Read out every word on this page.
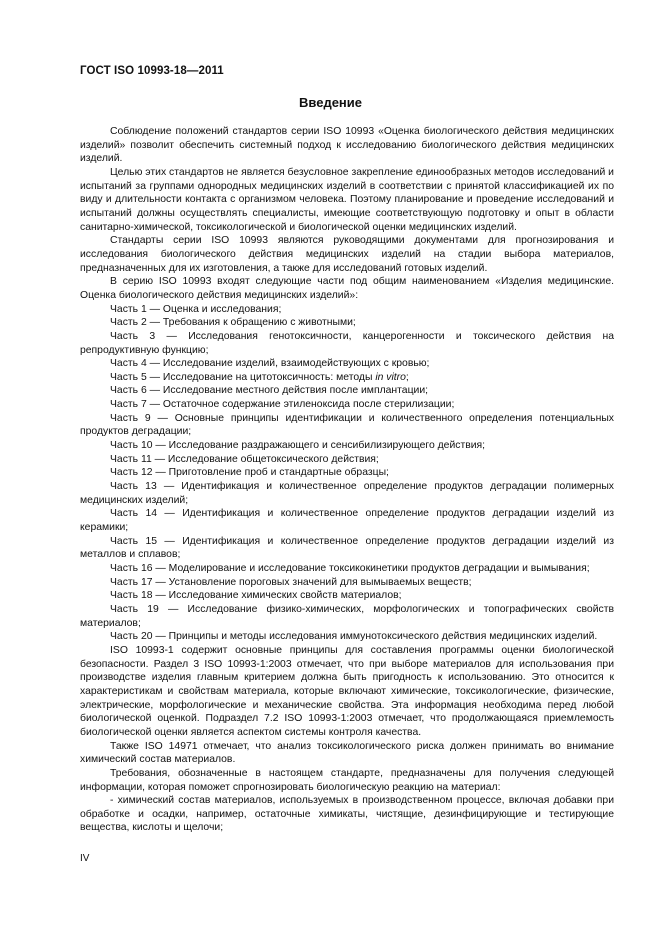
ГОСТ ISO 10993-18—2011
Введение

Соблюдение положений стандартов серии ISO 10993 «Оценка биологического действия медицинских изделий» позволит обеспечить системный подход к исследованию биологического действия медицинских изделий.

Целью этих стандартов не является безусловное закрепление единообразных методов исследований и испытаний за группами однородных медицинских изделий в соответствии с принятой классификацией их по виду и длительности контакта с организмом человека. Поэтому планирование и проведение исследований и испытаний должны осуществлять специалисты, имеющие соответствующую подготовку и опыт в области санитарно-химической, токсикологической и биологической оценки медицинских изделий.

Стандарты серии ISO 10993 являются руководящими документами для прогнозирования и исследования биологического действия медицинских изделий на стадии выбора материалов, предназначенных для их изготовления, а также для исследований готовых изделий.

В серию ISO 10993 входят следующие части под общим наименованием «Изделия медицинские. Оценка биологического действия медицинских изделий»:

Часть 1 — Оценка и исследования;

Часть 2 — Требования к обращению с животными;

Часть 3 — Исследования генотоксичности, канцерогенности и токсического действия на репродуктивную функцию;

Часть 4 — Исследование изделий, взаимодействующих с кровью;

Часть 5 — Исследование на цитотоксичность: методы in vitro;

Часть 6 — Исследование местного действия после имплантации;

Часть 7 — Остаточное содержание этиленоксида после стерилизации;

Часть 9 — Основные принципы идентификации и количественного определения потенциальных продуктов деградации;

Часть 10 — Исследование раздражающего и сенсибилизирующего действия;

Часть 11 — Исследование общетоксического действия;

Часть 12 — Приготовление проб и стандартные образцы;

Часть 13 — Идентификация и количественное определение продуктов деградации полимерных медицинских изделий;

Часть 14 — Идентификация и количественное определение продуктов деградации изделий из керамики;

Часть 15 — Идентификация и количественное определение продуктов деградации изделий из металлов и сплавов;

Часть 16 — Моделирование и исследование токсикокинетики продуктов деградации и вымывания;

Часть 17 — Установление пороговых значений для вымываемых веществ;

Часть 18 — Исследование химических свойств материалов;

Часть 19 — Исследование физико-химических, морфологических и топографических свойств материалов;

Часть 20 — Принципы и методы исследования иммунотоксического действия медицинских изделий.

ISO 10993-1 содержит основные принципы для составления программы оценки биологической безопасности. Раздел 3 ISO 10993-1:2003 отмечает, что при выборе материалов для использования при производстве изделия главным критерием должна быть пригодность к использованию. Это относится к характеристикам и свойствам материала, которые включают химические, токсикологические, физические, электрические, морфологические и механические свойства. Эта информация необходима перед любой биологической оценкой. Подраздел 7.2 ISO 10993-1:2003 отмечает, что продолжающаяся приемлемость биологической оценки является аспектом системы контроля качества.

Также ISO 14971 отмечает, что анализ токсикологического риска должен принимать во внимание химический состав материалов.

Требования, обозначенные в настоящем стандарте, предназначены для получения следующей информации, которая поможет спрогнозировать биологическую реакцию на материал:

- химический состав материалов, используемых в производственном процессе, включая добавки при обработке и осадки, например, остаточные химикаты, чистящие, дезинфицирующие и тестирующие вещества, кислоты и щелочи;

IV
